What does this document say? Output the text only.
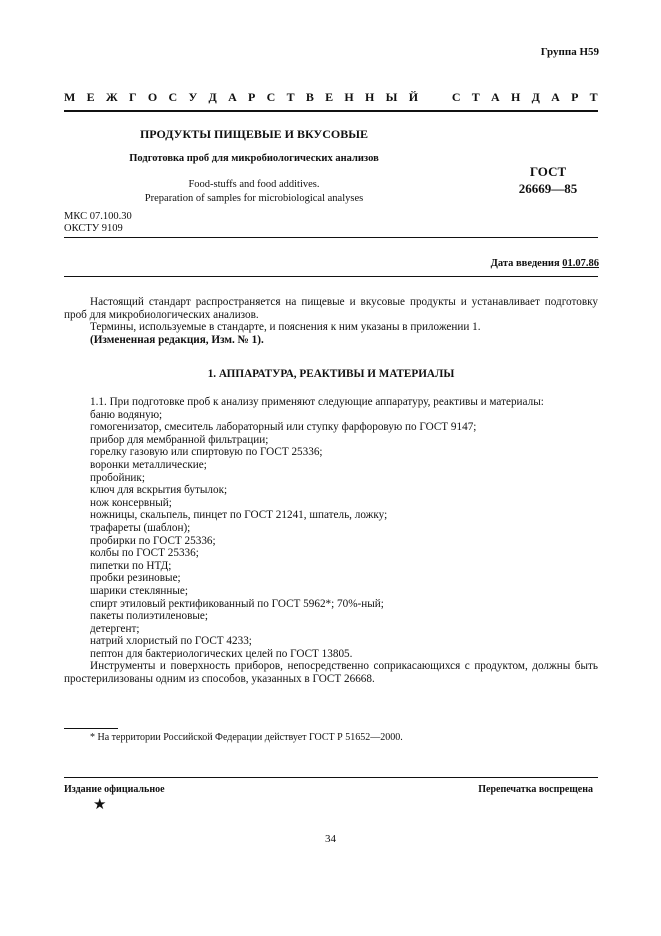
Группа Н59
М Е Ж Г О С У Д А Р С Т В Е Н Н Ы Й	С Т А Н Д А Р Т
ПРОДУКТЫ ПИЩЕВЫЕ И ВКУСОВЫЕ
Подготовка проб для микробиологических анализов
Food-stuffs and food additives.
Preparation of samples for microbiological analyses
ГОСТ
26669—85
МКС 07.100.30
ОКСТУ 9109
Дата введения 01.07.86

Настоящий стандарт распространяется на пищевые и вкусовые продукты и устанавливает подготовку проб для микробиологических анализов.

Термины, используемые в стандарте, и пояснения к ним указаны в приложении 1.

(Измененная редакция, Изм. № 1).

1. АППАРАТУРА, РЕАКТИВЫ И МАТЕРИАЛЫ

1.1. При подготовке проб к анализу применяют следующие аппаратуру, реактивы и материалы:

баню водяную;

гомогенизатор, смеситель лабораторный или ступку фарфоровую по ГОСТ 9147;

прибор для мембранной фильтрации;

горелку газовую или спиртовую по ГОСТ 25336;

воронки металлические;

пробойник;

ключ для вскрытия бутылок;

нож консервный;

ножницы, скальпель, пинцет по ГОСТ 21241, шпатель, ложку;

трафареты (шаблон);

пробирки по ГОСТ 25336;

колбы по ГОСТ 25336;

пипетки по НТД;

пробки резиновые;

шарики стеклянные;

спирт этиловый ректификованный по ГОСТ 5962*; 70%-ный;

пакеты полиэтиленовые;

детергент;

натрий хлористый по ГОСТ 4233;

пептон для бактериологических целей по ГОСТ 13805.

Инструменты и поверхность приборов, непосредственно соприкасающихся с продуктом, должны быть простерилизованы одним из способов, указанных в ГОСТ 26668.

* На территории Российской Федерации действует ГОСТ Р 51652—2000.
Издание официальное	Перепечатка воспрещена
★
34
